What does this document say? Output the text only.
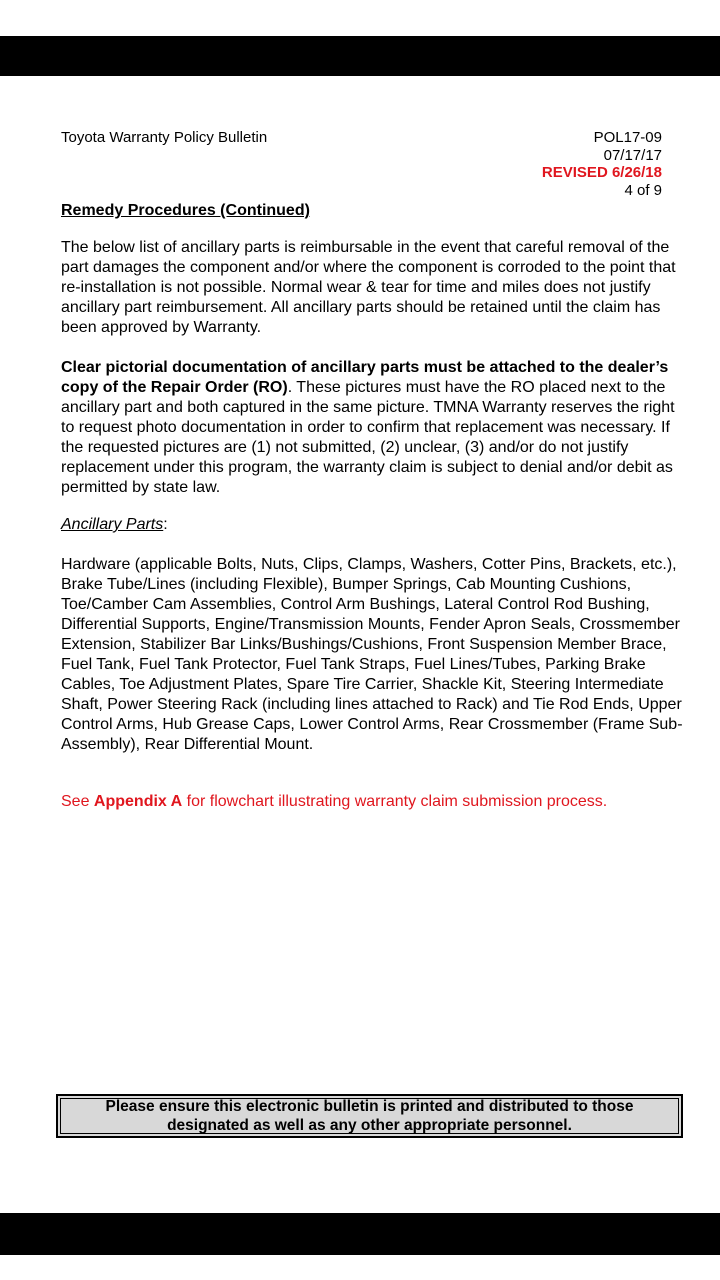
Toyota Warranty Policy Bulletin	POL17-09
07/17/17
REVISED 6/26/18
4 of 9
Remedy Procedures (Continued)
The below list of ancillary parts is reimbursable in the event that careful removal of the part damages the component and/or where the component is corroded to the point that re-installation is not possible. Normal wear & tear for time and miles does not justify ancillary part reimbursement. All ancillary parts should be retained until the claim has been approved by Warranty.
Clear pictorial documentation of ancillary parts must be attached to the dealer’s copy of the Repair Order (RO). These pictures must have the RO placed next to the ancillary part and both captured in the same picture. TMNA Warranty reserves the right to request photo documentation in order to confirm that replacement was necessary. If the requested pictures are (1) not submitted, (2) unclear, (3) and/or do not justify replacement under this program, the warranty claim is subject to denial and/or debit as permitted by state law.
Ancillary Parts:
Hardware (applicable Bolts, Nuts, Clips, Clamps, Washers, Cotter Pins, Brackets, etc.), Brake Tube/Lines (including Flexible), Bumper Springs, Cab Mounting Cushions, Toe/Camber Cam Assemblies, Control Arm Bushings, Lateral Control Rod Bushing, Differential Supports, Engine/Transmission Mounts, Fender Apron Seals, Crossmember Extension, Stabilizer Bar Links/Bushings/Cushions, Front Suspension Member Brace, Fuel Tank, Fuel Tank Protector, Fuel Tank Straps, Fuel Lines/Tubes, Parking Brake Cables, Toe Adjustment Plates, Spare Tire Carrier, Shackle Kit, Steering Intermediate Shaft, Power Steering Rack (including lines attached to Rack) and Tie Rod Ends, Upper Control Arms, Hub Grease Caps, Lower Control Arms, Rear Crossmember (Frame Sub-Assembly), Rear Differential Mount.
See Appendix A for flowchart illustrating warranty claim submission process.
Please ensure this electronic bulletin is printed and distributed to those
designated as well as any other appropriate personnel.
